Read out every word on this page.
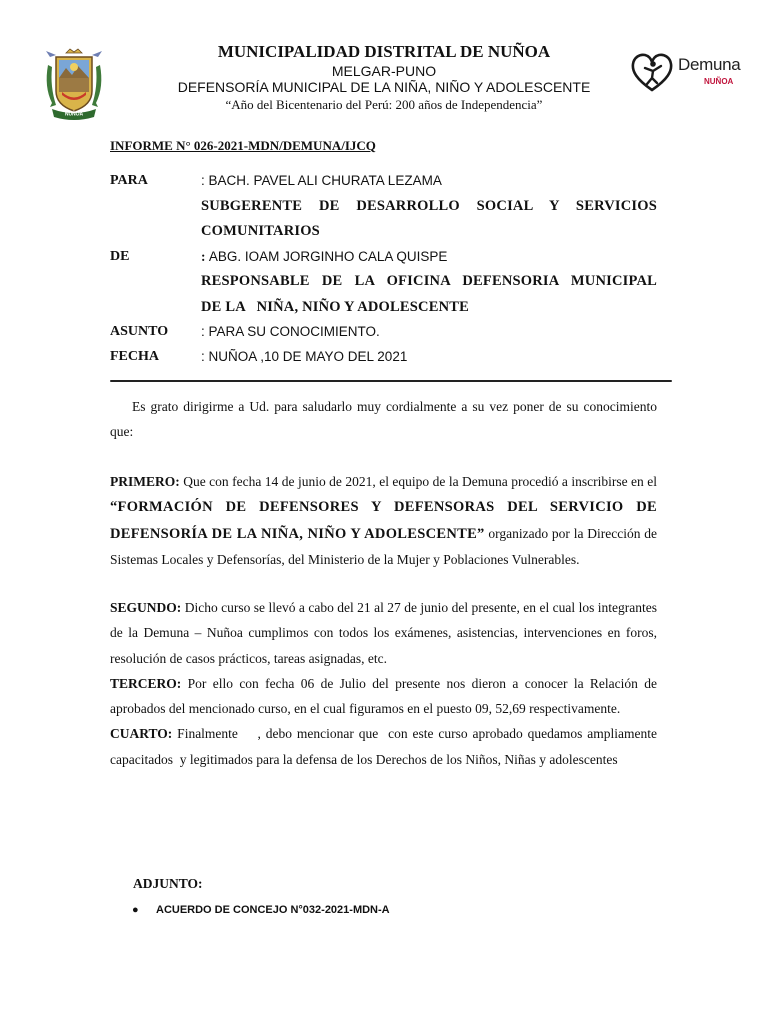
NUÑOA
MUNICIPALIDAD DISTRITAL DE NUÑOA
MELGAR-PUNO
DEFENSORÍA MUNICIPAL DE LA NIÑA, NIÑO Y ADOLESCENTE
“Año del Bicentenario del Perú: 200 años de Independencia”
Demuna
NUÑOA
INFORME N° 026-2021-MDN/DEMUNA/IJCQ
PARA	: BACH. PAVEL ALI CHURATA LEZAMA
SUBGERENTE DE DESARROLLO SOCIAL Y SERVICIOS
COMUNITARIOS
DE	: ABG. IOAM JORGINHO CALA QUISPE
RESPONSABLE DE LA OFICINA DEFENSORIA MUNICIPAL
DE LA   NIÑA, NIÑO Y ADOLESCENTE
ASUNTO : PARA SU CONOCIMIENTO.
FECHA	: NUÑOA ,10 DE MAYO DEL 2021
Es grato dirigirme a Ud. para saludarlo muy cordialmente a su vez poner de su conocimiento que:
PRIMERO: Que con fecha 14 de junio de 2021, el equipo de la Demuna procedió a inscribirse en el “FORMACIÓN DE DEFENSORES Y DEFENSORAS DEL SERVICIO DE DEFENSORÍA DE LA NIÑA, NIÑO Y ADOLESCENTE” organizado por la Dirección de Sistemas Locales y Defensorías, del Ministerio de la Mujer y Poblaciones Vulnerables.
SEGUNDO: Dicho curso se llevó a cabo del 21 al 27 de junio del presente, en el cual los integrantes de la Demuna – Nuñoa cumplimos con todos los exámenes, asistencias, intervenciones en foros, resolución de casos prácticos, tareas asignadas, etc.
TERCERO: Por ello con fecha 06 de Julio del presente nos dieron a conocer la Relación de aprobados del mencionado curso, en el cual figuramos en el puesto 09, 52,69 respectivamente.
CUARTO: Finalmente    , debo mencionar que  con este curso aprobado quedamos ampliamente capacitados  y legitimados para la defensa de los Derechos de los Niños, Niñas y adolescentes
ADJUNTO:
● ACUERDO DE CONCEJO N°032-2021-MDN-A
